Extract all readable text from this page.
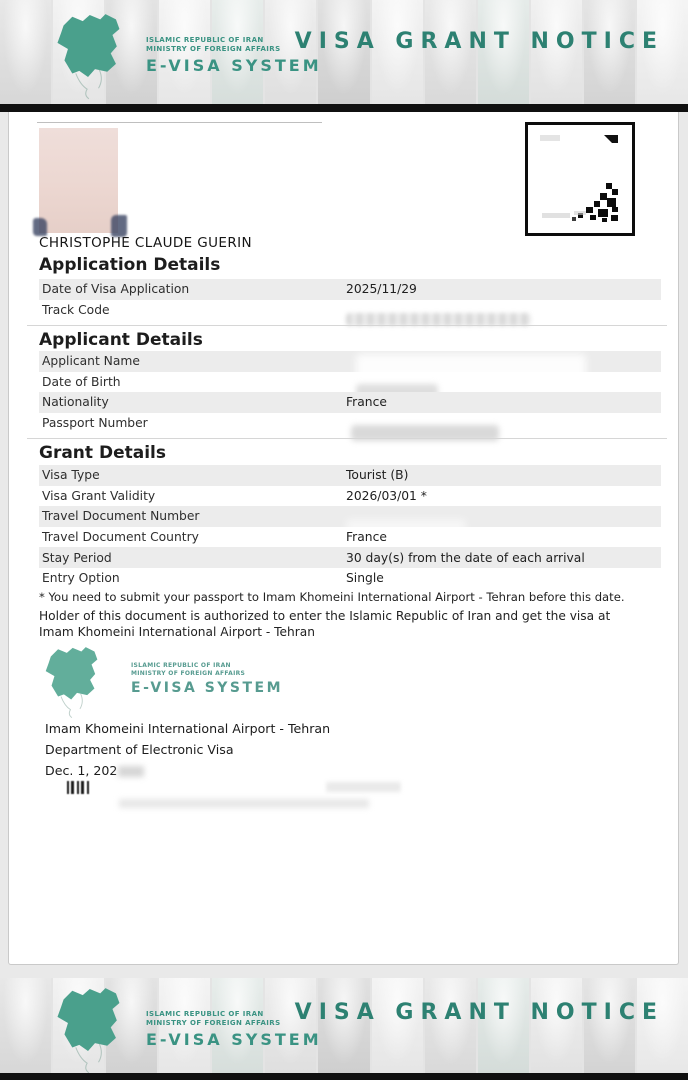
ISLAMIC REPUBLIC OF IRAN
MINISTRY OF FOREIGN AFFAIRS
E-VISA SYSTEM
VISA GRANT NOTICE
CHRISTOPHE CLAUDE GUERIN
Application Details
Date of Visa Application	2025/11/29
Track Code
Applicant Details
Applicant Name
Date of Birth
Nationality	France
Passport Number
Grant Details
Visa Type	Tourist (B)
Visa Grant Validity	2026/03/01 *
Travel Document Number
Travel Document Country	France
Stay Period	30 day(s) from the date of each arrival
Entry Option	Single
* You need to submit your passport to Imam Khomeini International Airport - Tehran before this date.
Holder of this document is authorized to enter the Islamic Republic of Iran and get the visa at Imam Khomeini International Airport - Tehran
ISLAMIC REPUBLIC OF IRAN
MINISTRY OF FOREIGN AFFAIRS
E-VISA SYSTEM
Imam Khomeini International Airport - Tehran
Department of Electronic Visa
Dec. 1, 202
ISLAMIC REPUBLIC OF IRAN
MINISTRY OF FOREIGN AFFAIRS
E-VISA SYSTEM
VISA GRANT NOTICE
